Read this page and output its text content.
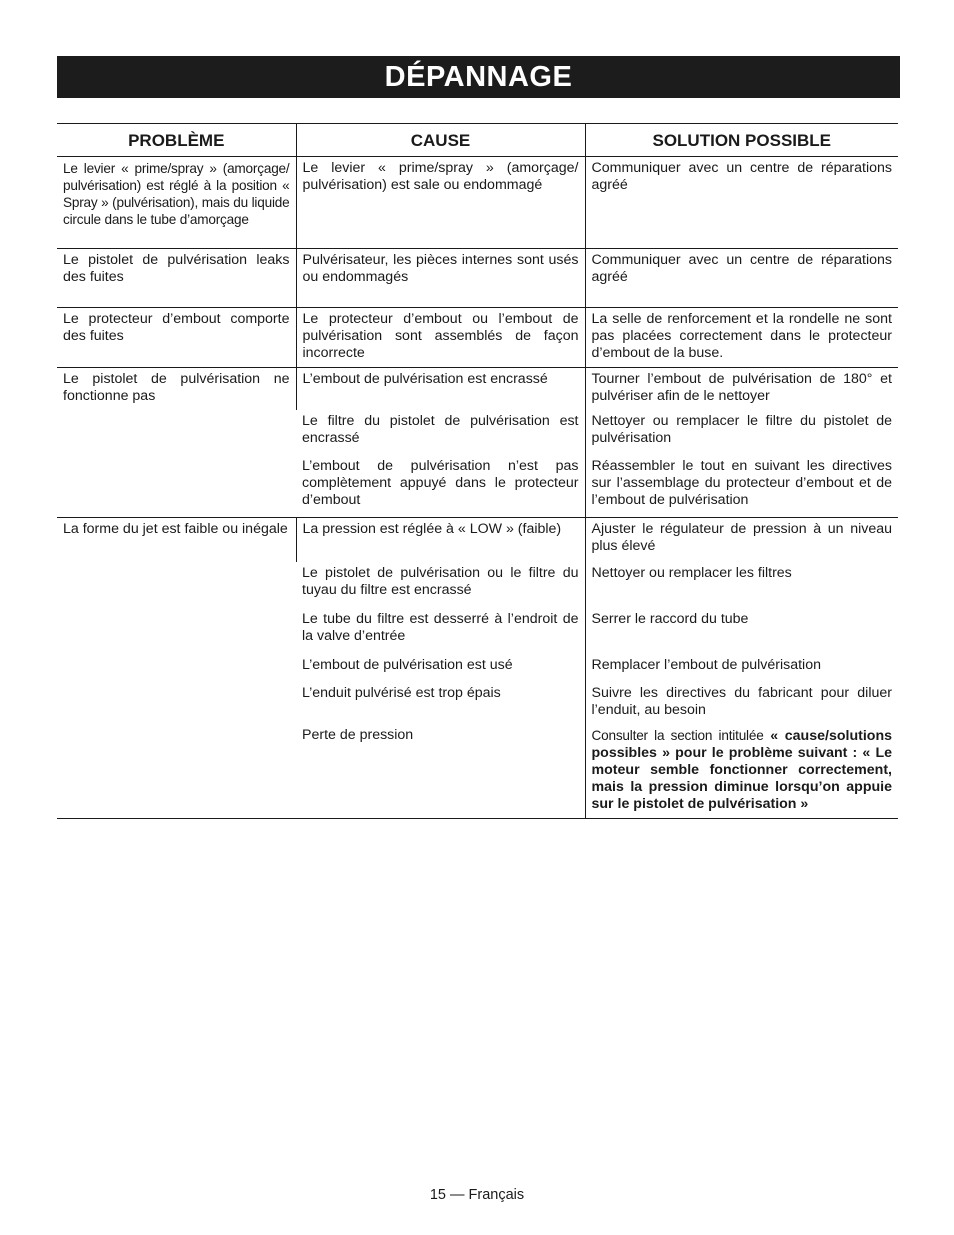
DÉPANNAGE
PROBLÈME	CAUSE	SOLUTION POSSIBLE
Le levier « prime/spray » (amorçage/ pulvérisation) est réglé à la position « Spray » (pulvérisation), mais du liquide circule dans le tube d’amorçage	Le levier « prime/spray » (amorçage/ pulvérisation) est sale ou endommagé	Communiquer avec un centre de réparations agréé
Le pistolet de pulvérisation leaks des fuites	Pulvérisateur, les pièces internes sont usés ou endommagés	Communiquer avec un centre de réparations agréé
Le protecteur d’embout comporte des fuites	Le protecteur d’embout ou l’embout de pulvérisation sont assemblés de façon incorrecte	La selle de renforcement et la rondelle ne sont pas placées correctement dans le protecteur d’embout de la buse.
Le pistolet de pulvérisation ne fonctionne pas	L’embout de pulvérisation est encrassé	Tourner l’embout de pulvérisation de 180° et pulvériser afin de le nettoyer
	Le filtre du pistolet de pulvérisation est encrassé	Nettoyer ou remplacer le filtre du pistolet de pulvérisation
	L’embout de pulvérisation n’est pas complètement appuyé dans le protecteur d’embout	Réassembler le tout en suivant les directives sur l’assemblage du protecteur d’embout et de l’embout de pulvérisation
La forme du jet est faible ou inégale	La pression est réglée à « LOW » (faible)	Ajuster le régulateur de pression à un niveau plus élevé
	Le pistolet de pulvérisation ou le filtre du tuyau du filtre est encrassé	Nettoyer ou remplacer les filtres
	Le tube du filtre est desserré à l’endroit de la valve d’entrée	Serrer le raccord du tube
	L’embout de pulvérisation est usé	Remplacer l’embout de pulvérisation
	L’enduit pulvérisé est trop épais	Suivre les directives du fabricant pour diluer l’enduit, au besoin
	Perte de pression	Consulter la section intitulée « cause/solutions possibles » pour le problème suivant : « Le moteur semble fonctionner correctement, mais la pression diminue lorsqu’on appuie sur le pistolet de pulvérisation »
15 — Français
